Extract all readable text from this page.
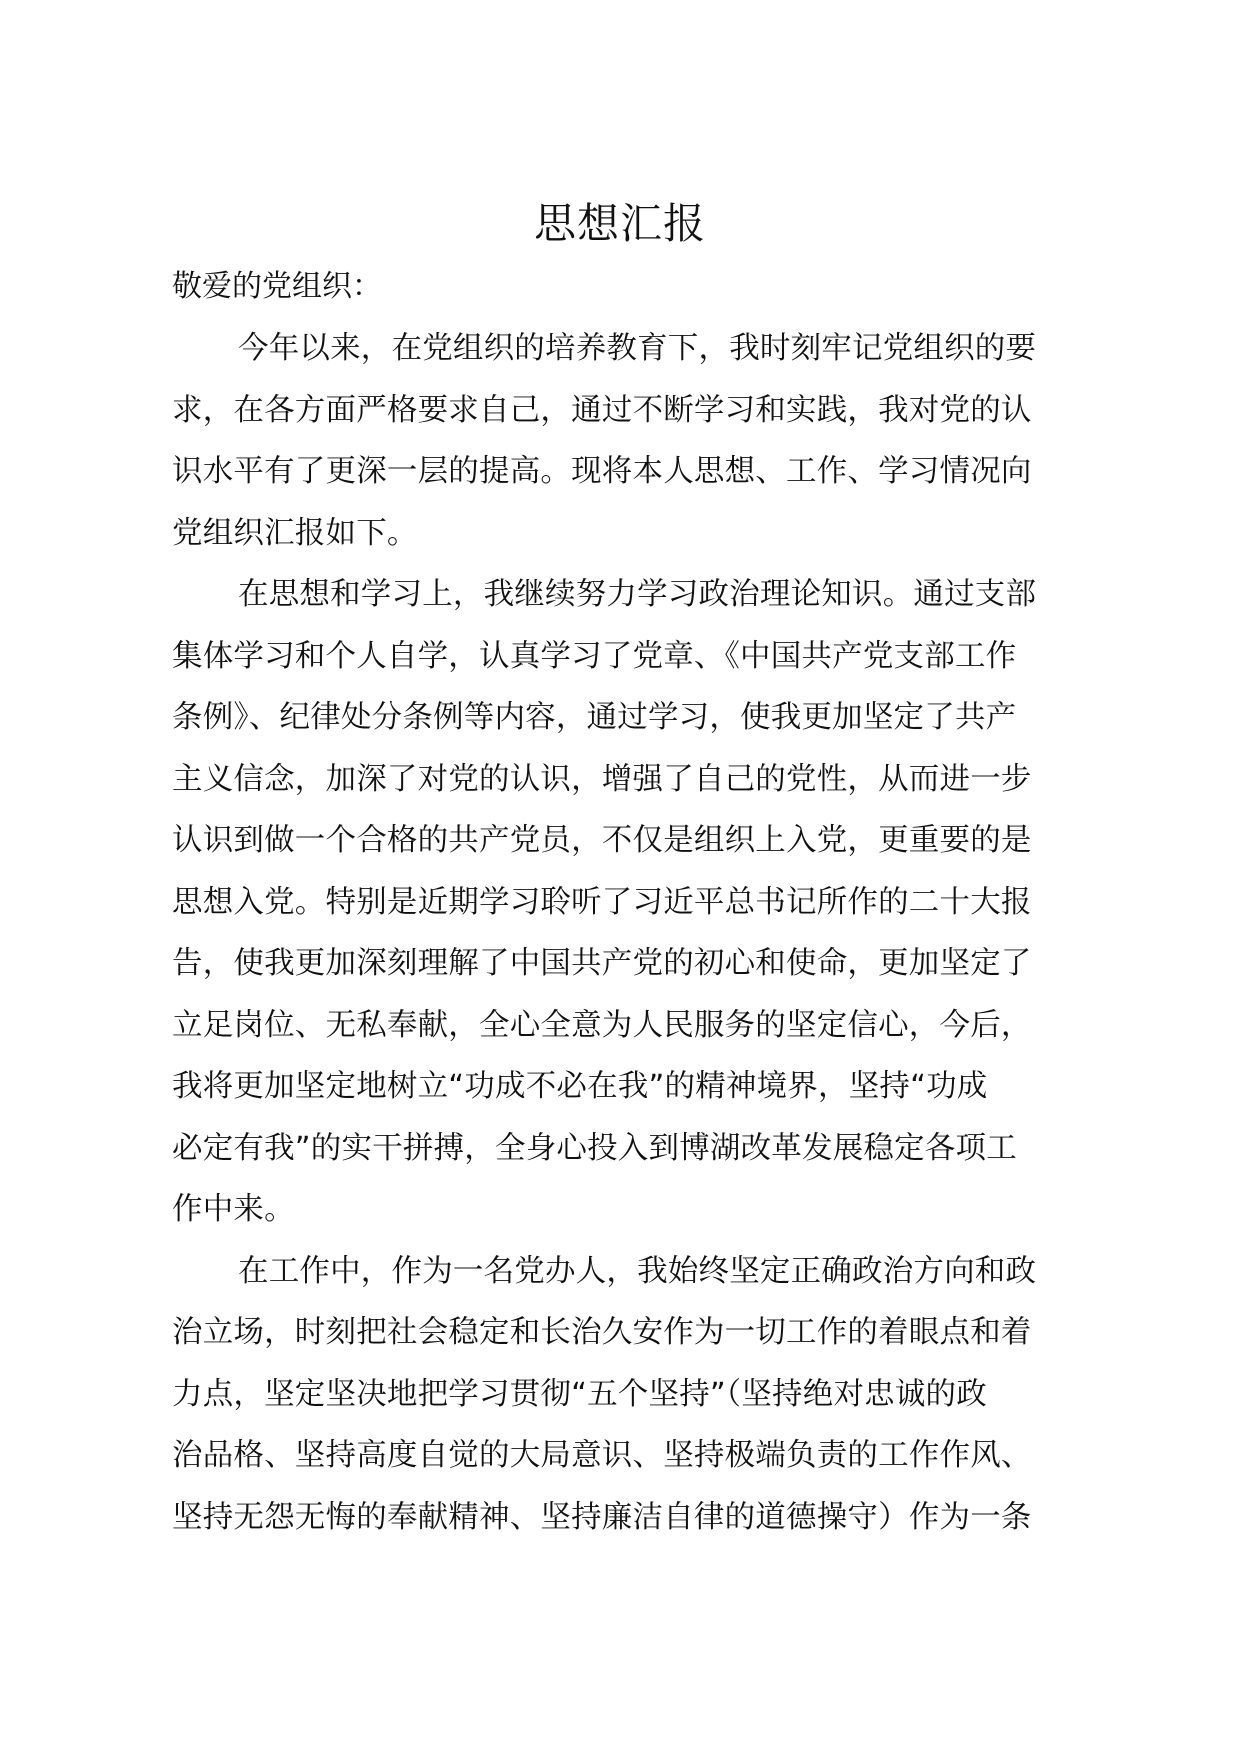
思想汇报
敬爱的党组织：
今年以来，在党组织的培养教育下，我时刻牢记党组织的要
求，在各方面严格要求自己，通过不断学习和实践，我对党的认
识水平有了更深一层的提高。现将本人思想、工作、学习情况向
党组织汇报如下。
在思想和学习上，我继续努力学习政治理论知识。通过支部
集体学习和个人自学，认真学习了党章、《中国共产党支部工作
条例》、纪律处分条例等内容，通过学习，使我更加坚定了共产
主义信念，加深了对党的认识，增强了自己的党性，从而进一步
认识到做一个合格的共产党员，不仅是组织上入党，更重要的是
思想入党。特别是近期学习聆听了习近平总书记所作的二十大报
告，使我更加深刻理解了中国共产党的初心和使命，更加坚定了
立足岗位、无私奉献，全心全意为人民服务的坚定信心，今后，
我将更加坚定地树立“功成不必在我”的精神境界，坚持“功成
必定有我”的实干拼搏，全身心投入到博湖改革发展稳定各项工
作中来。
在工作中，作为一名党办人，我始终坚定正确政治方向和政
治立场，时刻把社会稳定和长治久安作为一切工作的着眼点和着
力点，坚定坚决地把学习贯彻“五个坚持”（坚持绝对忠诚的政
治品格、坚持高度自觉的大局意识、坚持极端负责的工作作风、
坚持无怨无悔的奉献精神、坚持廉洁自律的道德操守）作为一条
